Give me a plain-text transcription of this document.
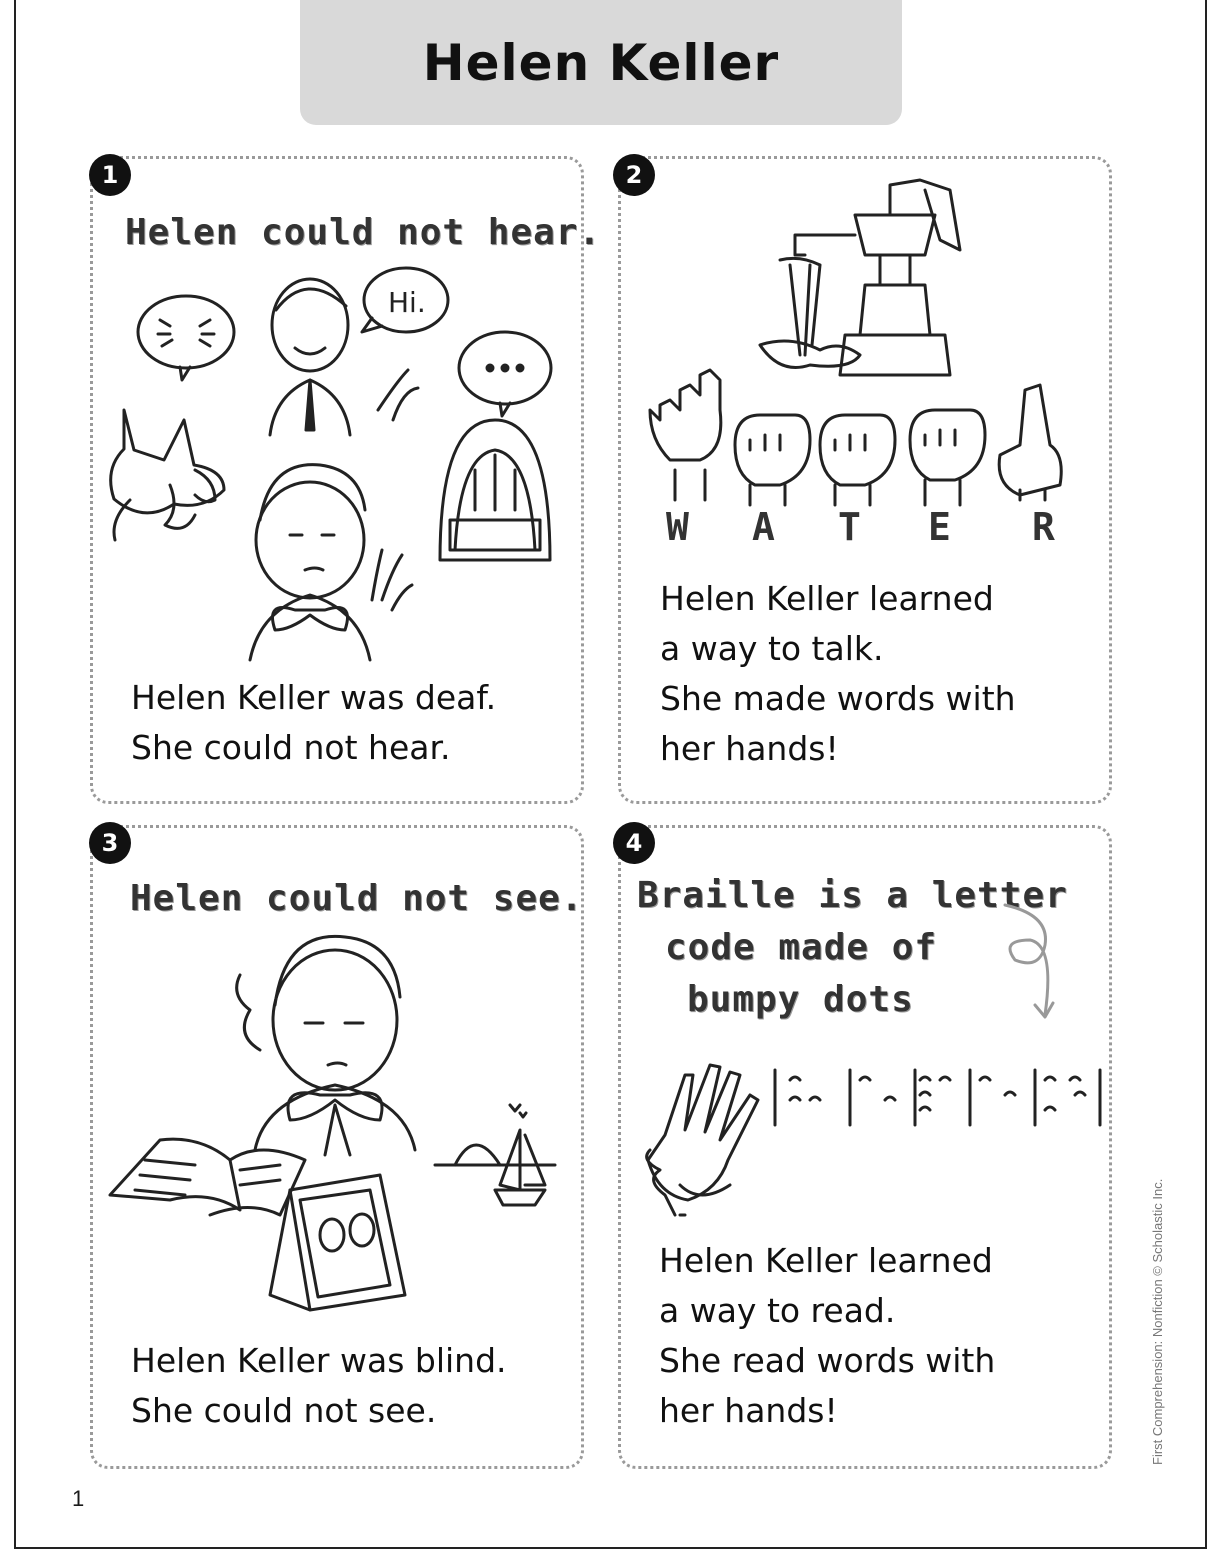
Helen Keller
1
Helen could not hear.
Hi.
Helen Keller was deaf.
She could not hear.
2
W A T E R
Helen Keller learned
a way to talk.
She made words with
her hands!
3
Helen could not see.
Helen Keller was blind.
She could not see.
4
Braille is a letter
code made of
bumpy dots
Helen Keller learned
a way to read.
She read words with
her hands!
1
First Comprehension: Nonfiction © Scholastic Inc.
